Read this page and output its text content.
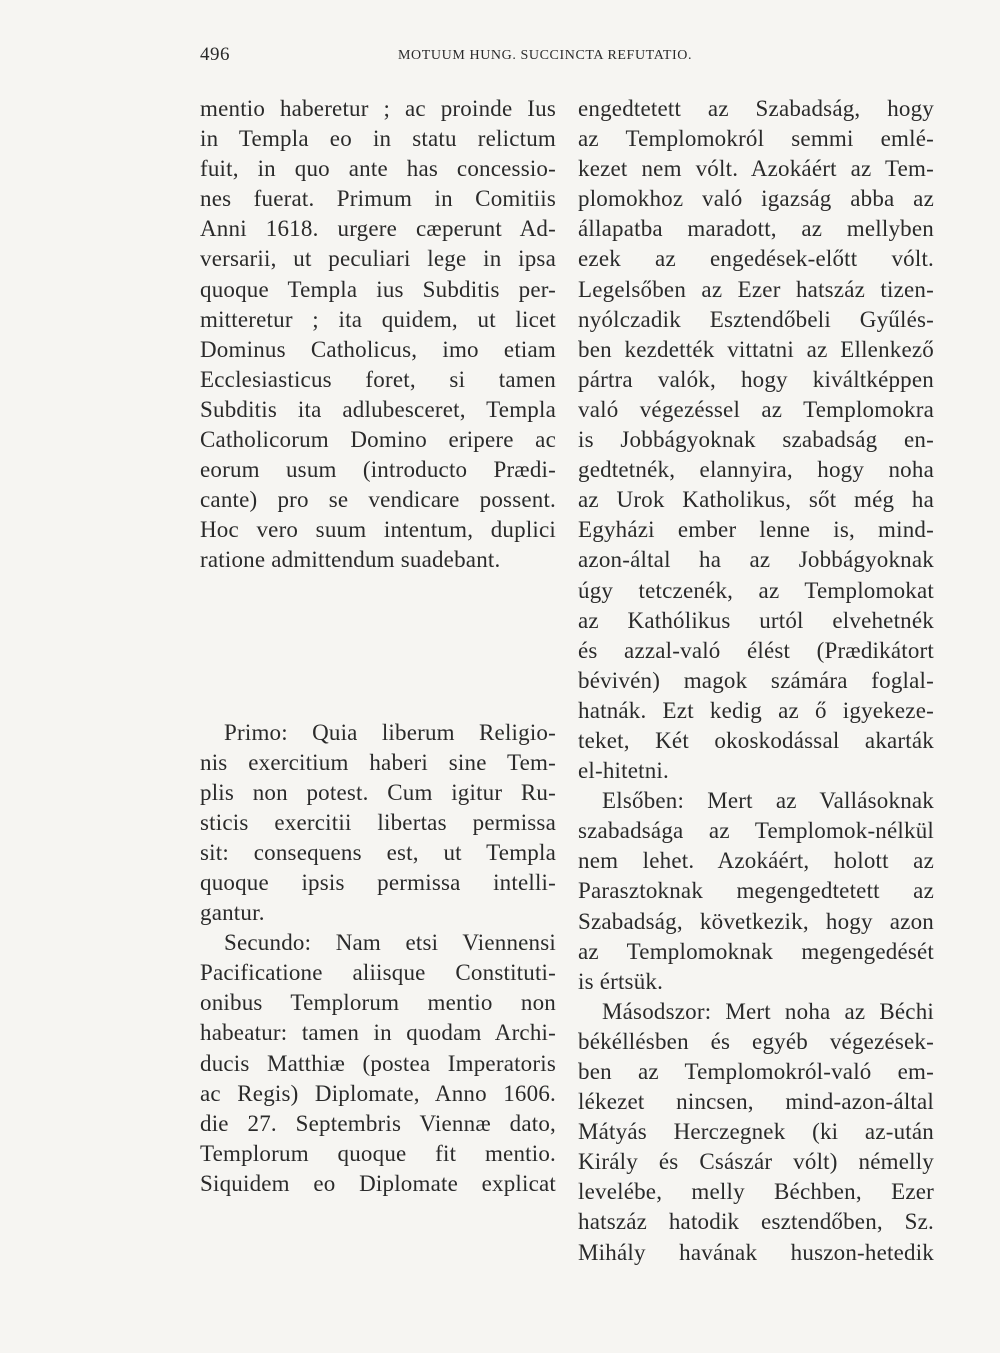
496	MOTUUM HUNG. SUCCINCTA REFUTATIO.
mentio haberetur ; ac proinde Ius
in Templa eo in statu relictum
fuit, in quo ante has concessio-
nes fuerat. Primum in Comitiis
Anni 1618. urgere cæperunt Ad-
versarii, ut peculiari lege in ipsa
quoque Templa ius Subditis per-
mitteretur ; ita quidem, ut licet
Dominus Catholicus, imo etiam
Ecclesiasticus foret, si tamen
Subditis ita adlubesceret, Templa
Catholicorum Domino eripere ac
eorum usum (introducto Prædi-
cante) pro se vendicare possent.
Hoc vero suum intentum, duplici
ratione admittendum suadebant.
Primo: Quia liberum Religio-
nis exercitium haberi sine Tem-
plis non potest. Cum igitur Ru-
sticis exercitii libertas permissa
sit: consequens est, ut Templa
quoque ipsis permissa intelli-
gantur.
Secundo: Nam etsi Viennensi
Pacificatione aliisque Constituti-
onibus Templorum mentio non
habeatur: tamen in quodam Archi-
ducis Matthiæ (postea Imperatoris
ac Regis) Diplomate, Anno 1606.
die 27. Septembris Viennæ dato,
Templorum quoque fit mentio.
Siquidem eo Diplomate explicat
engedtetett az Szabadság, hogy
az Templomokról semmi emlé-
kezet nem vólt. Azokáért az Tem-
plomokhoz való igazság abba az
állapatba maradott, az mellyben
ezek az engedések-előtt vólt.
Legelsőben az Ezer hatszáz tizen-
nyólczadik Esztendőbeli Gyűlés-
ben kezdették vittatni az Ellenkező
pártra valók, hogy kiváltképpen
való végezéssel az Templomokra
is Jobbágyoknak szabadság en-
gedtetnék, elannyira, hogy noha
az Urok Katholikus, sőt még ha
Egyházi ember lenne is, mind-
azon-által ha az Jobbágyoknak
úgy tetczenék, az Templomokat
az Kathólikus urtól elvehetnék
és azzal-való élést (Prædikátort
bévivén) magok számára foglal-
hatnák. Ezt kedig az ő igyekeze-
teket, Két okoskodással akarták
el-hitetni.
Elsőben: Mert az Vallásoknak
szabadsága az Templomok-nélkül
nem lehet. Azokáért, holott az
Parasztoknak megengedtetett az
Szabadság, következik, hogy azon
az Templomoknak megengedését
is értsük.
Másodszor: Mert noha az Béchi
békéllésben és egyéb végezések-
ben az Templomokról-való em-
lékezet nincsen, mind-azon-által
Mátyás Herczegnek (ki az-után
Király és Császár vólt) némelly
levelébe, melly Béchben, Ezer
hatszáz hatodik esztendőben, Sz.
Mihály havának huszon-hetedik
